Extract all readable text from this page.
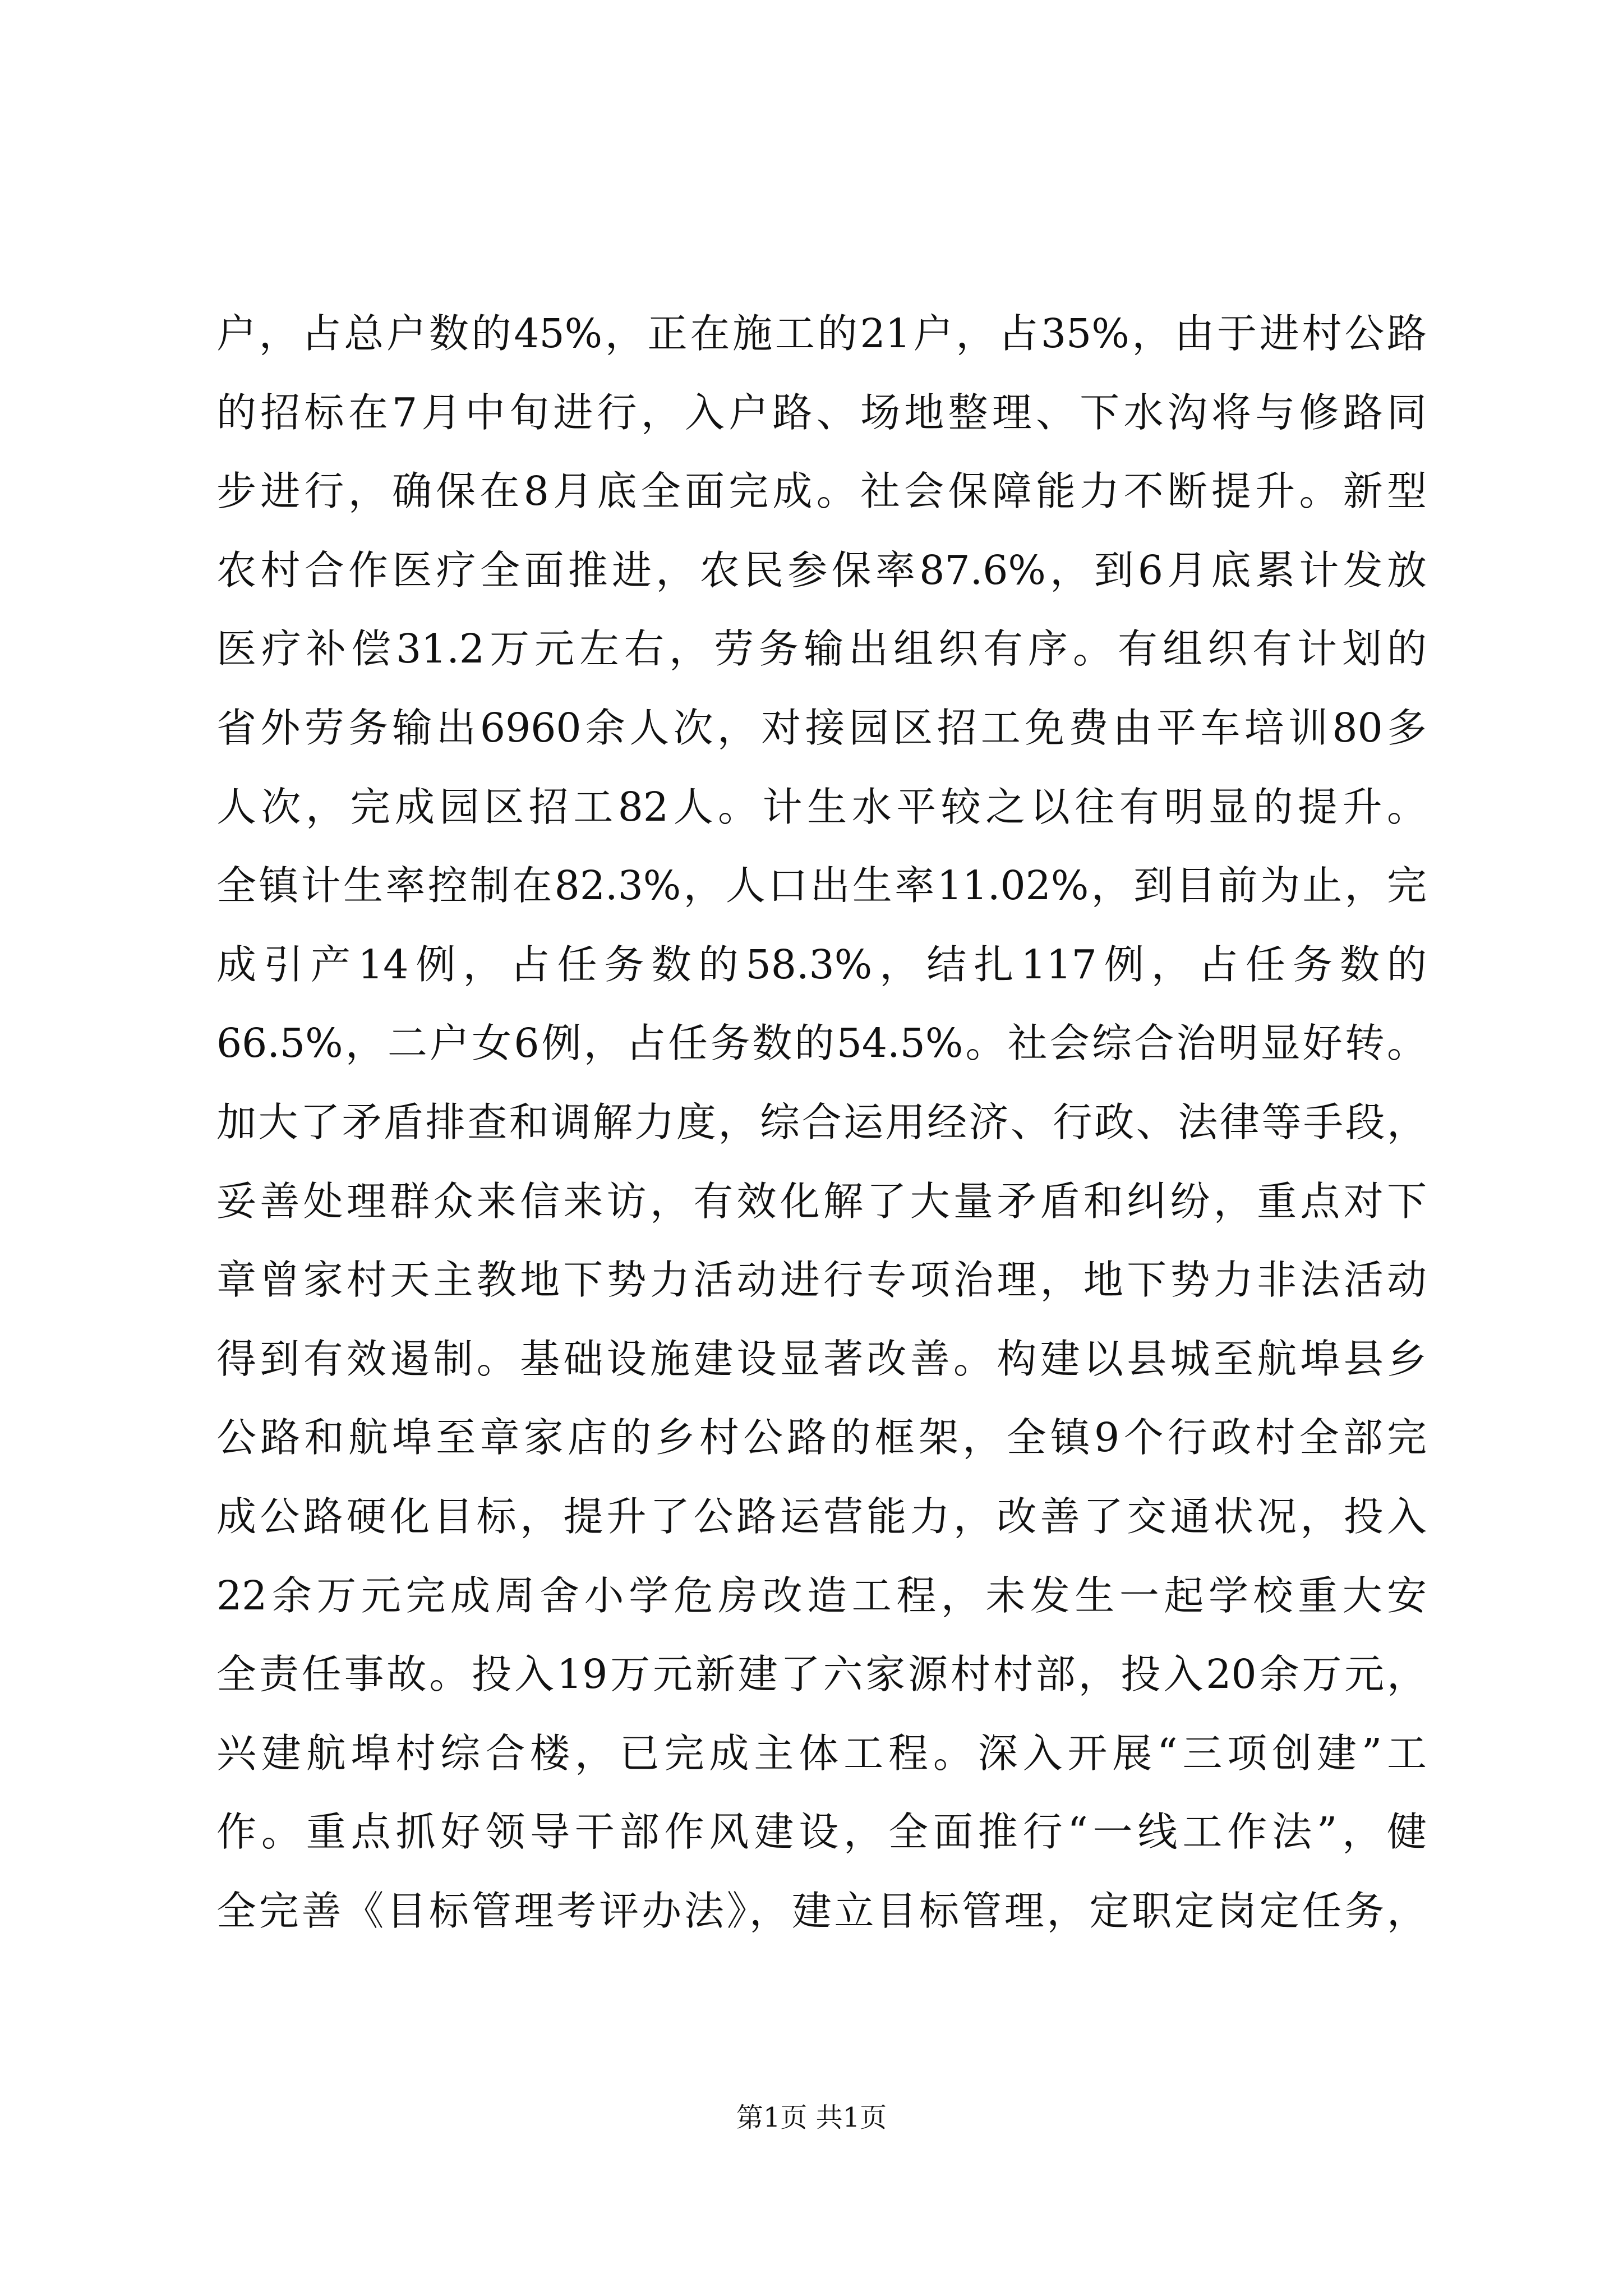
户，占总户数的45%，正在施工的21户，占35%，由于进村公路
的招标在7月中旬进行，入户路、场地整理、下水沟将与修路同
步进行，确保在8月底全面完成。社会保障能力不断提升。新型
农村合作医疗全面推进，农民参保率87.6%，到6月底累计发放
医疗补偿31.2万元左右，劳务输出组织有序。有组织有计划的
省外劳务输出6960余人次，对接园区招工免费由平车培训80多
人次，完成园区招工82人。计生水平较之以往有明显的提升。
全镇计生率控制在82.3%，人口出生率11.02%，到目前为止，完
成引产14例，占任务数的58.3%，结扎117例，占任务数的
66.5%，二户女6例，占任务数的54.5%。社会综合治明显好转。
加大了矛盾排查和调解力度，综合运用经济、行政、法律等手段，
妥善处理群众来信来访，有效化解了大量矛盾和纠纷，重点对下
章曾家村天主教地下势力活动进行专项治理，地下势力非法活动
得到有效遏制。基础设施建设显著改善。构建以县城至航埠县乡
公路和航埠至章家店的乡村公路的框架，全镇9个行政村全部完
成公路硬化目标，提升了公路运营能力，改善了交通状况，投入
22余万元完成周舍小学危房改造工程，未发生一起学校重大安
全责任事故。投入19万元新建了六家源村村部，投入20余万元，
兴建航埠村综合楼，已完成主体工程。深入开展“三项创建”工
作。重点抓好领导干部作风建设，全面推行“一线工作法”，健
全完善《目标管理考评办法》，建立目标管理，定职定岗定任务，
第1页 共1页
